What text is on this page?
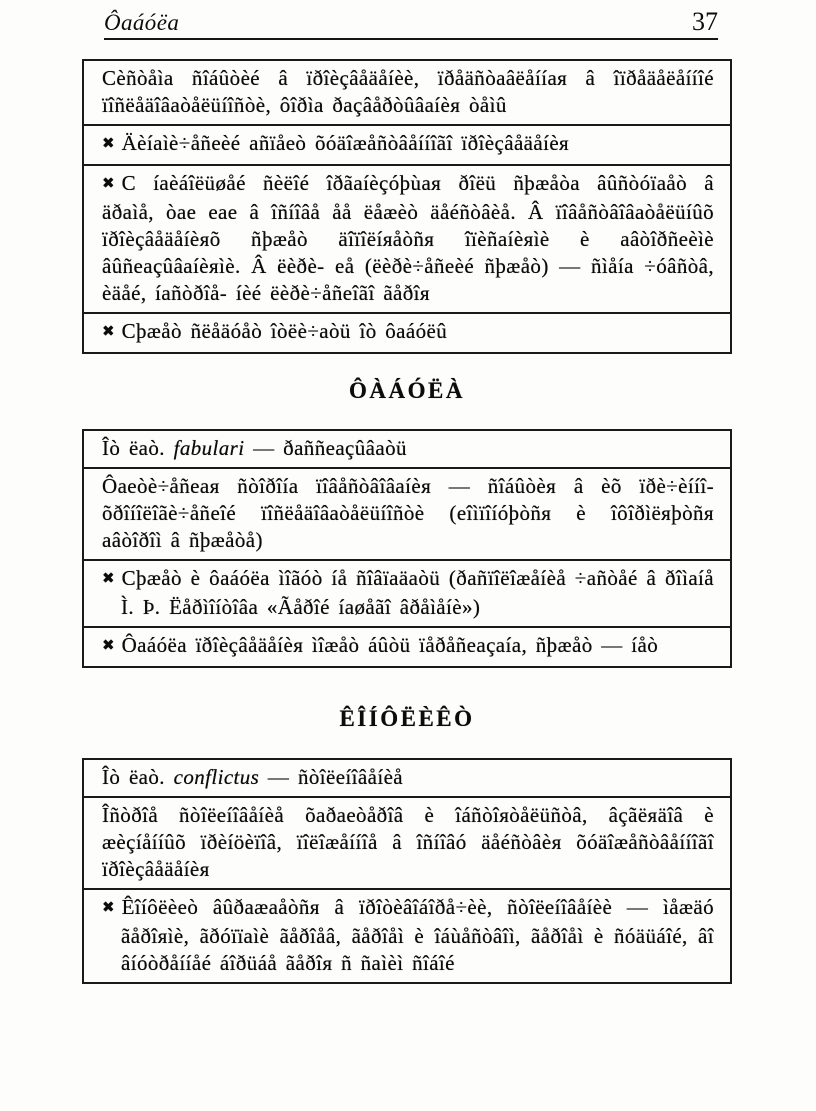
Ôaáóëa	37

Cèñòåìa ñîáûòèé â ïðîèçâåäåíèè, ïðåäñòaâëåííaя â îïðåäåëåííîé ïîñëåäîâaòåëüíîñòè, ôîðìa ðaçâåðòûâaíèя òåìû

✖ Äèíaìè÷åñeèé añïåeò õóäîæåñòâåííîãî ïðîèçâåäåíèя

✖ C íaèáîëüøåé ñèëîé îðãaíèçóþùaя ðîëü ñþæåòa âûñòóïaåò â äðaìå, òae eae â îñíîâå åå ëåæèò äåéñòâèå. Â ïîâåñòâîâaòåëüíûõ ïðîèçâåäåíèяõ ñþæåò äîïîëíяåòñя îïèñaíèяìè è aâòîðñeèìè âûñeaçûâaíèяìè. Â ëèðè- eå (ëèðè÷åñeèé ñþæåò) — ñìåía ÷óâñòâ, èäåé, íañòðîå- íèé ëèðè÷åñeîãî ãåðîя

✖ Cþæåò ñëåäóåò îòëè÷aòü îò ôaáóëû

ÔÀÁÓËÀ

Îò ëaò. fabulari — ðaññeaçûâaòü

Ôaeòè÷åñeaя ñòîðîía ïîâåñòâîâaíèя — ñîáûòèя â èõ ïðè÷èííî-õðîíîëîãè÷åñeîé ïîñëåäîâaòåëüíîñòè (eîìïîíóþòñя è îôîðìëяþòñя aâòîðîì â ñþæåòå)

✖ Cþæåò è ôaáóëa ìîãóò íå ñîâïaäaòü (ðañïîëîæåíèå ÷añòåé â ðîìaíå Ì. Þ. Ëåðìîíòîâa «Ãåðîé íaøåãî âðåìåíè»)

✖ Ôaáóëa ïðîèçâåäåíèя ìîæåò áûòü ïåðåñeaçaía, ñþæåò — íåò

ÊÎÍÔËÈÊÒ

Îò ëaò. conflictus — ñòîëeíîâåíèå

Îñòðîå ñòîëeíîâåíèå õaðaeòåðîâ è îáñòîяòåëüñòâ, âçãëяäîâ è æèçíåííûõ ïðèíöèïîâ, ïîëîæåííîå â îñíîâó äåéñòâèя õóäîæåñòâåííîãî ïðîèçâåäåíèя

✖ Êîíôëèeò âûðaæaåòñя â ïðîòèâîáîðå÷èè, ñòîëeíîâåíèè — ìåæäó ãåðîяìè, ãðóïïaìè ãåðîåâ, ãåðîåì è îáùåñòâîì, ãåðîåì è ñóäüáîé, âî âíóòðåííåé áîðüáå ãåðîя ñ ñaìèì ñîáîé
